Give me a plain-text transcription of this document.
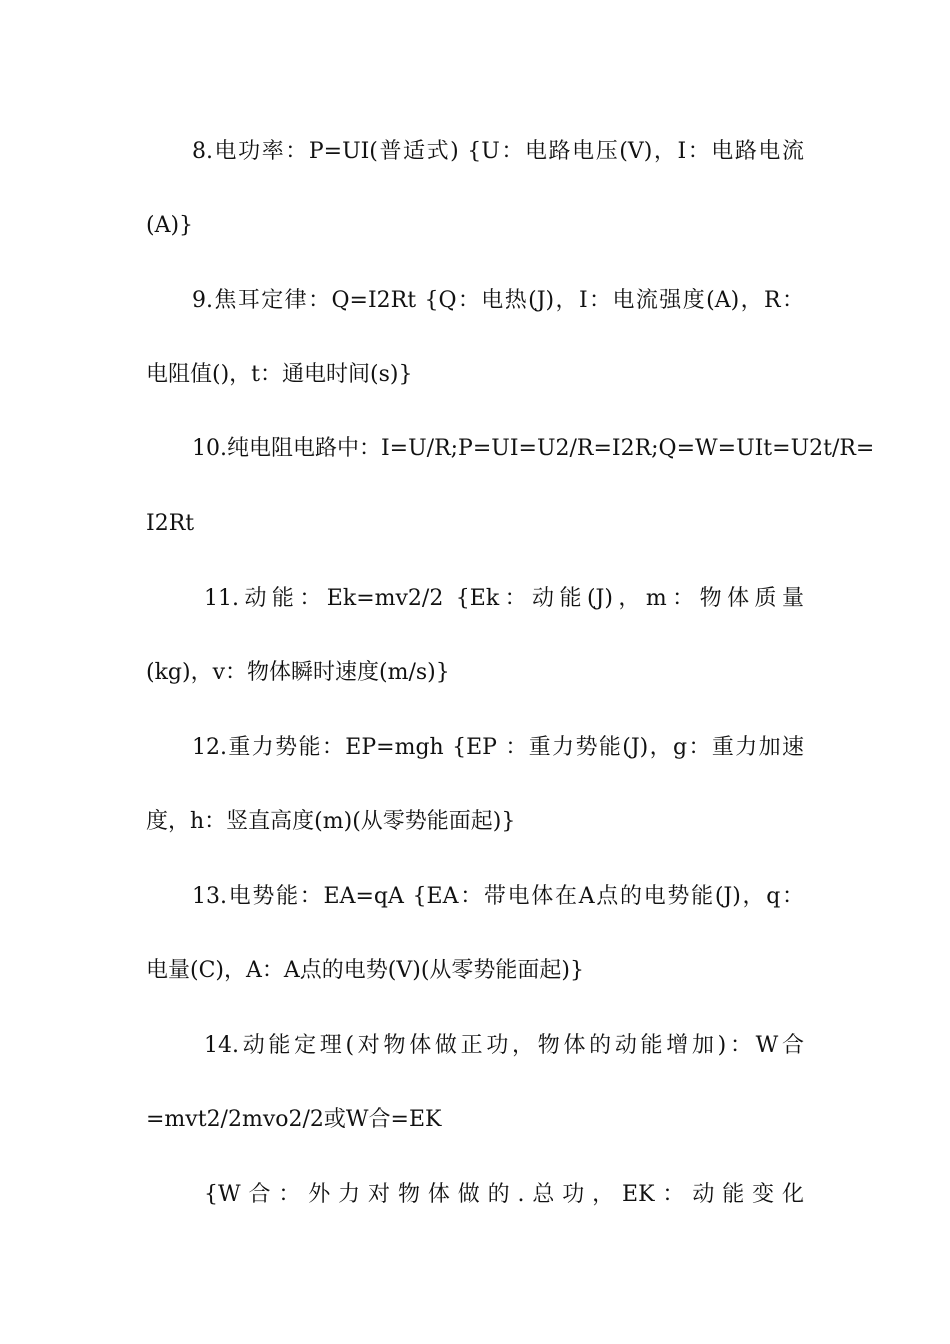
8.电功率：P=UI(普适式) {U：电路电压(V)，I：电路电流
(A)}
9.焦耳定律：Q=I2Rt {Q：电热(J)，I：电流强度(A)，R：
电阻值()，t：通电时间(s)}
10.纯电阻电路中：I=U/R;P=UI=U2/R=I2R;Q=W=UIt=U2t/R=
I2Rt
11.动能：Ek=mv2/2 {Ek：动能(J)，m：物体质量
(kg)，v：物体瞬时速度(m/s)}
12.重力势能：EP=mgh {EP ：重力势能(J)，g：重力加速
度，h：竖直高度(m)(从零势能面起)}
13.电势能：EA=qA {EA：带电体在A点的电势能(J)，q：
电量(C)，A：A点的电势(V)(从零势能面起)}
14.动能定理(对物体做正功，物体的动能增加)：W合
=mvt2/2mvo2/2或W合=EK
{W合：外力对物体做的.总功，EK：动能变化
